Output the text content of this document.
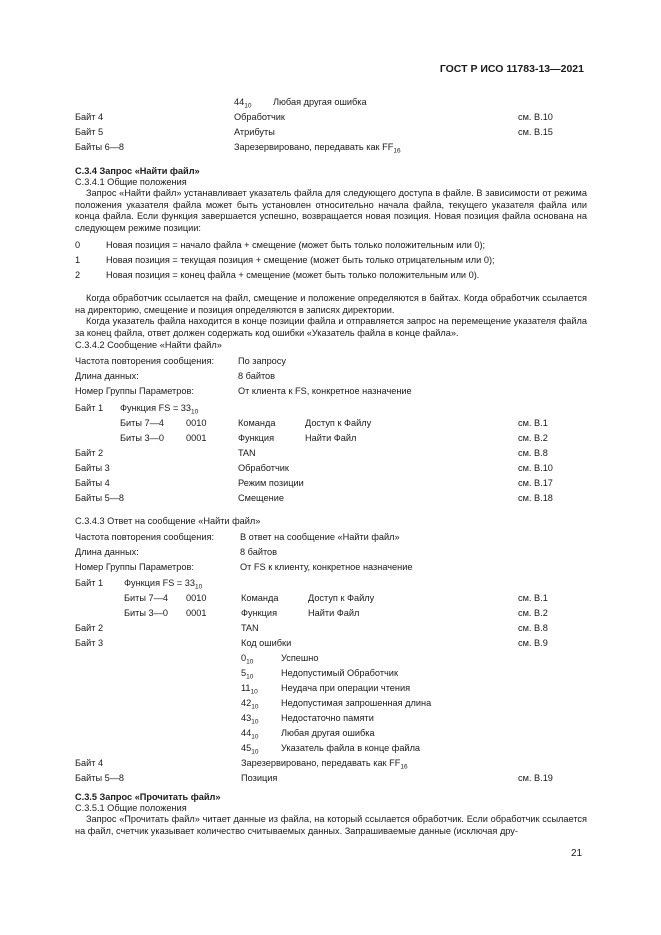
ГОСТ Р ИСО 11783-13—2021
$44_{10}$ Любая другая ошибка
Байт 4	Обработчик	см. B.10
Байт 5	Атрибуты	см. B.15
Байты 6—8	Зарезервировано, передавать как $FF_{16}$
C.3.4 Запрос «Найти файл»
C.3.4.1 Общие положения

Запрос «Найти файл» устанавливает указатель файла для следующего доступа в файле. В зависимости от режима положения указателя файла может быть установлен относительно начала файла, текущего указателя файла или конца файла. Если функция завершается успешно, возвращается новая позиция. Новая позиция файла основана на следующем режиме позиции:

0	Новая позиция = начало файла + смещение (может быть только положительным или 0);
1	Новая позиция = текущая позиция + смещение (может быть только отрицательным или 0);
2	Новая позиция = конец файла + смещение (может быть только положительным или 0).

Когда обработчик ссылается на файл, смещение и положение определяются в байтах. Когда обработчик ссылается на директорию, смещение и позиция определяются в записях директории.

Когда указатель файла находится в конце позиции файла и отправляется запрос на перемещение указателя файла за конец файла, ответ должен содержать код ошибки «Указатель файла в конце файла».

C.3.4.2 Сообщение «Найти файл»
Частота повторения сообщения:	По запросу
Длина данных:	8 байтов
Номер Группы Параметров:	От клиента к FS, конкретное назначение
Байт 1 Функция FS = $33_{10}$
Биты 7—4 0010	Команда	Доступ к Файлу	см. B.1
Биты 3—0 0001	Функция	Найти Файл	см. B.2
Байт 2	TAN	см. B.8
Байты 3	Обработчик	см. B.10
Байты 4	Режим позиции	см. B.17
Байты 5—8	Смещение	см. B.18
C.3.4.3 Ответ на сообщение «Найти файл»
Частота повторения сообщения:	В ответ на сообщение «Найти файл»
Длина данных:	8 байтов
Номер Группы Параметров:	От FS к клиенту, конкретное назначение
Байт 1 Функция FS = $33_{10}$
Биты 7—4 0010	Команда	Доступ к Файлу	см. B.1
Биты 3—0 0001	Функция	Найти Файл	см. B.2
Байт 2	TAN	см. B.8
Байт 3	Код ошибки	см. B.9
$0_{10}$	Успешно
$5_{10}$	Недопустимый Обработчик
$11_{10}$	Неудача при операции чтения
$42_{10}$ Недопустимая запрошенная длина
$43_{10}$ Недостаточно памяти
$44_{10}$ Любая другая ошибка
$45_{10}$ Указатель файла в конце файла
Байт 4	Зарезервировано, передавать как $FF_{16}$
Байты 5—8	Позиция	см. B.19
C.3.5 Запрос «Прочитать файл»
C.3.5.1 Общие положения

Запрос «Прочитать файл» читает данные из файла, на который ссылается обработчик. Если обработчик ссылается на файл, счетчик указывает количество считываемых данных. Запрашиваемые данные (исключая дру-

21
